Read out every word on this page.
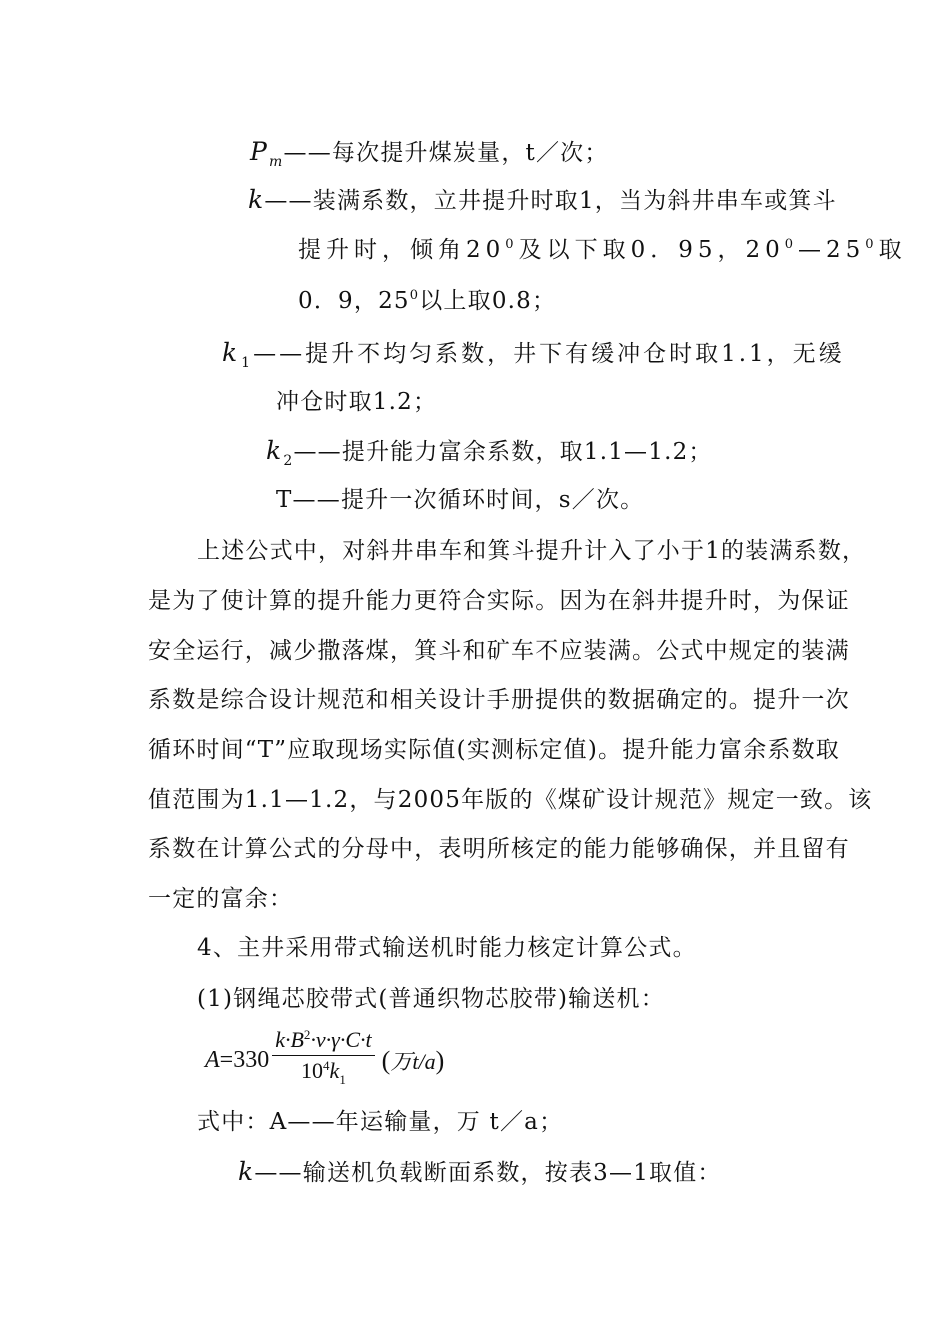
$P_m——$每次提升煤炭量，t／次；
k——装满系数，立井提升时取1，当为斜井串车或箕斗
提升时，倾角$20^0$及以下取0．95，$20^0—25^0$取
0．9，$25^0$以上取0.8；
$k_1——$提升不均匀系数，井下有缓冲仓时取1.1，无缓
冲仓时取1.2；
$k_2——$提升能力富余系数，取1.1—1.2；
T——提升一次循环时间，s／次。
上述公式中，对斜井串车和箕斗提升计入了小于1的装满系数，
是为了使计算的提升能力更符合实际。因为在斜井提升时，为保证
安全运行，减少撒落煤，箕斗和矿车不应装满。公式中规定的装满
系数是综合设计规范和相关设计手册提供的数据确定的。提升一次
循环时间“T”应取现场实际值(实测标定值)。提升能力富余系数取
值范围为1.1—1.2，与2005年版的《煤矿设计规范》规定一致。该
系数在计算公式的分母中，表明所核定的能力能够确保，并且留有
一定的富余：
4、主井采用带式输送机时能力核定计算公式。
(1)钢绳芯胶带式(普通织物芯胶带)输送机：
$A =330 \frac{k\cdot B^2\cdot v\cdot\gamma\cdot C\cdot t}{10^4k_1}$ (万t/a)
式中：A——年运输量，万 t／a；
k——输送机负载断面系数，按表3—1取值：
